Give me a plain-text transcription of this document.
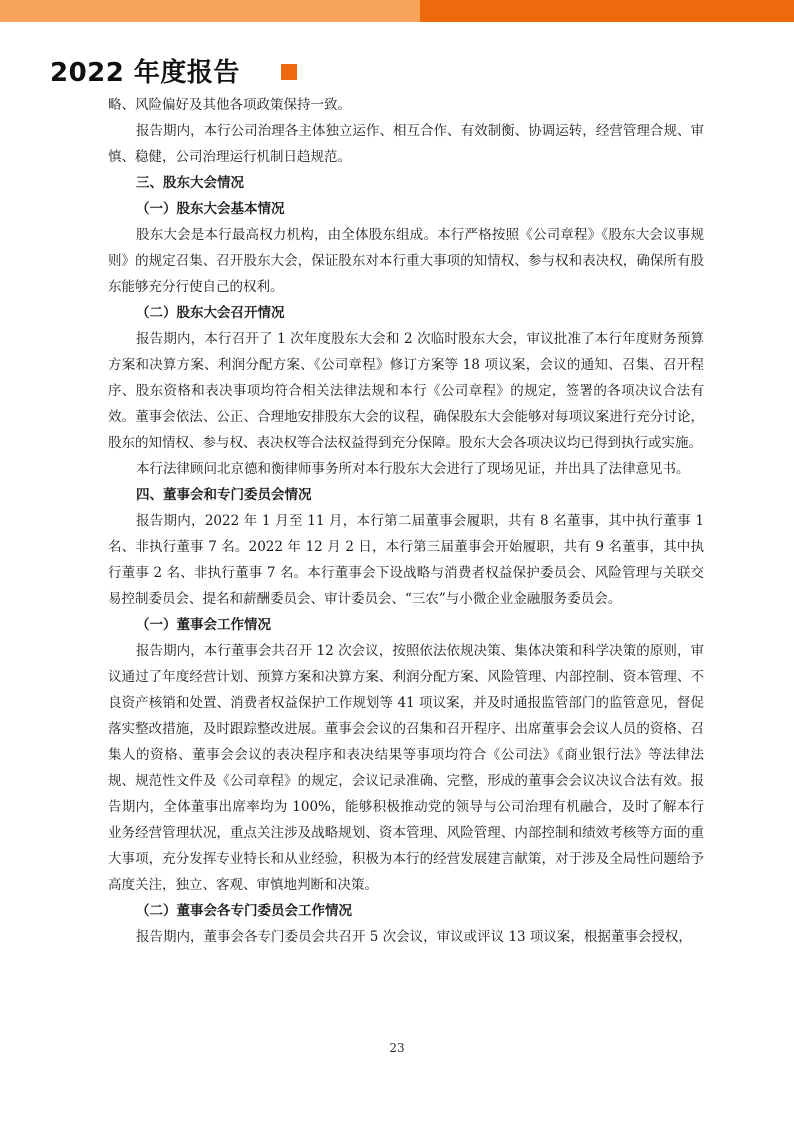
2022 年度报告

略、风险偏好及其他各项政策保持一致。

报告期内，本行公司治理各主体独立运作、相互合作、有效制衡、协调运转，经营管理合规、审慎、稳健，公司治理运行机制日趋规范。

三、股东大会情况

（一）股东大会基本情况

股东大会是本行最高权力机构，由全体股东组成。本行严格按照《公司章程》《股东大会议事规则》的规定召集、召开股东大会，保证股东对本行重大事项的知情权、参与权和表决权，确保所有股东能够充分行使自己的权利。

（二）股东大会召开情况

报告期内，本行召开了 1 次年度股东大会和 2 次临时股东大会，审议批准了本行年度财务预算方案和决算方案、利润分配方案、《公司章程》修订方案等 18 项议案，会议的通知、召集、召开程序、股东资格和表决事项均符合相关法律法规和本行《公司章程》的规定，签署的各项决议合法有效。董事会依法、公正、合理地安排股东大会的议程，确保股东大会能够对每项议案进行充分讨论，股东的知情权、参与权、表决权等合法权益得到充分保障。股东大会各项决议均已得到执行或实施。

本行法律顾问北京德和衡律师事务所对本行股东大会进行了现场见证，并出具了法律意见书。

四、董事会和专门委员会情况

报告期内，2022 年 1 月至 11 月，本行第二届董事会履职，共有 8 名董事，其中执行董事 1 名、非执行董事 7 名。2022 年 12 月 2 日，本行第三届董事会开始履职，共有 9 名董事，其中执行董事 2 名、非执行董事 7 名。本行董事会下设战略与消费者权益保护委员会、风险管理与关联交易控制委员会、提名和薪酬委员会、审计委员会、“三农”与小微企业金融服务委员会。

（一）董事会工作情况

报告期内，本行董事会共召开 12 次会议，按照依法依规决策、集体决策和科学决策的原则，审议通过了年度经营计划、预算方案和决算方案、利润分配方案、风险管理、内部控制、资本管理、不良资产核销和处置、消费者权益保护工作规划等 41 项议案，并及时通报监管部门的监管意见，督促落实整改措施，及时跟踪整改进展。董事会会议的召集和召开程序、出席董事会会议人员的资格、召集人的资格、董事会会议的表决程序和表决结果等事项均符合《公司法》《商业银行法》等法律法规、规范性文件及《公司章程》的规定，会议记录准确、完整，形成的董事会会议决议合法有效。报告期内，全体董事出席率均为 100%，能够积极推动党的领导与公司治理有机融合，及时了解本行业务经营管理状况，重点关注涉及战略规划、资本管理、风险管理、内部控制和绩效考核等方面的重大事项，充分发挥专业特长和从业经验，积极为本行的经营发展建言献策，对于涉及全局性问题给予高度关注，独立、客观、审慎地判断和决策。

（二）董事会各专门委员会工作情况

报告期内，董事会各专门委员会共召开 5 次会议，审议或评议 13 项议案，根据董事会授权，

23
